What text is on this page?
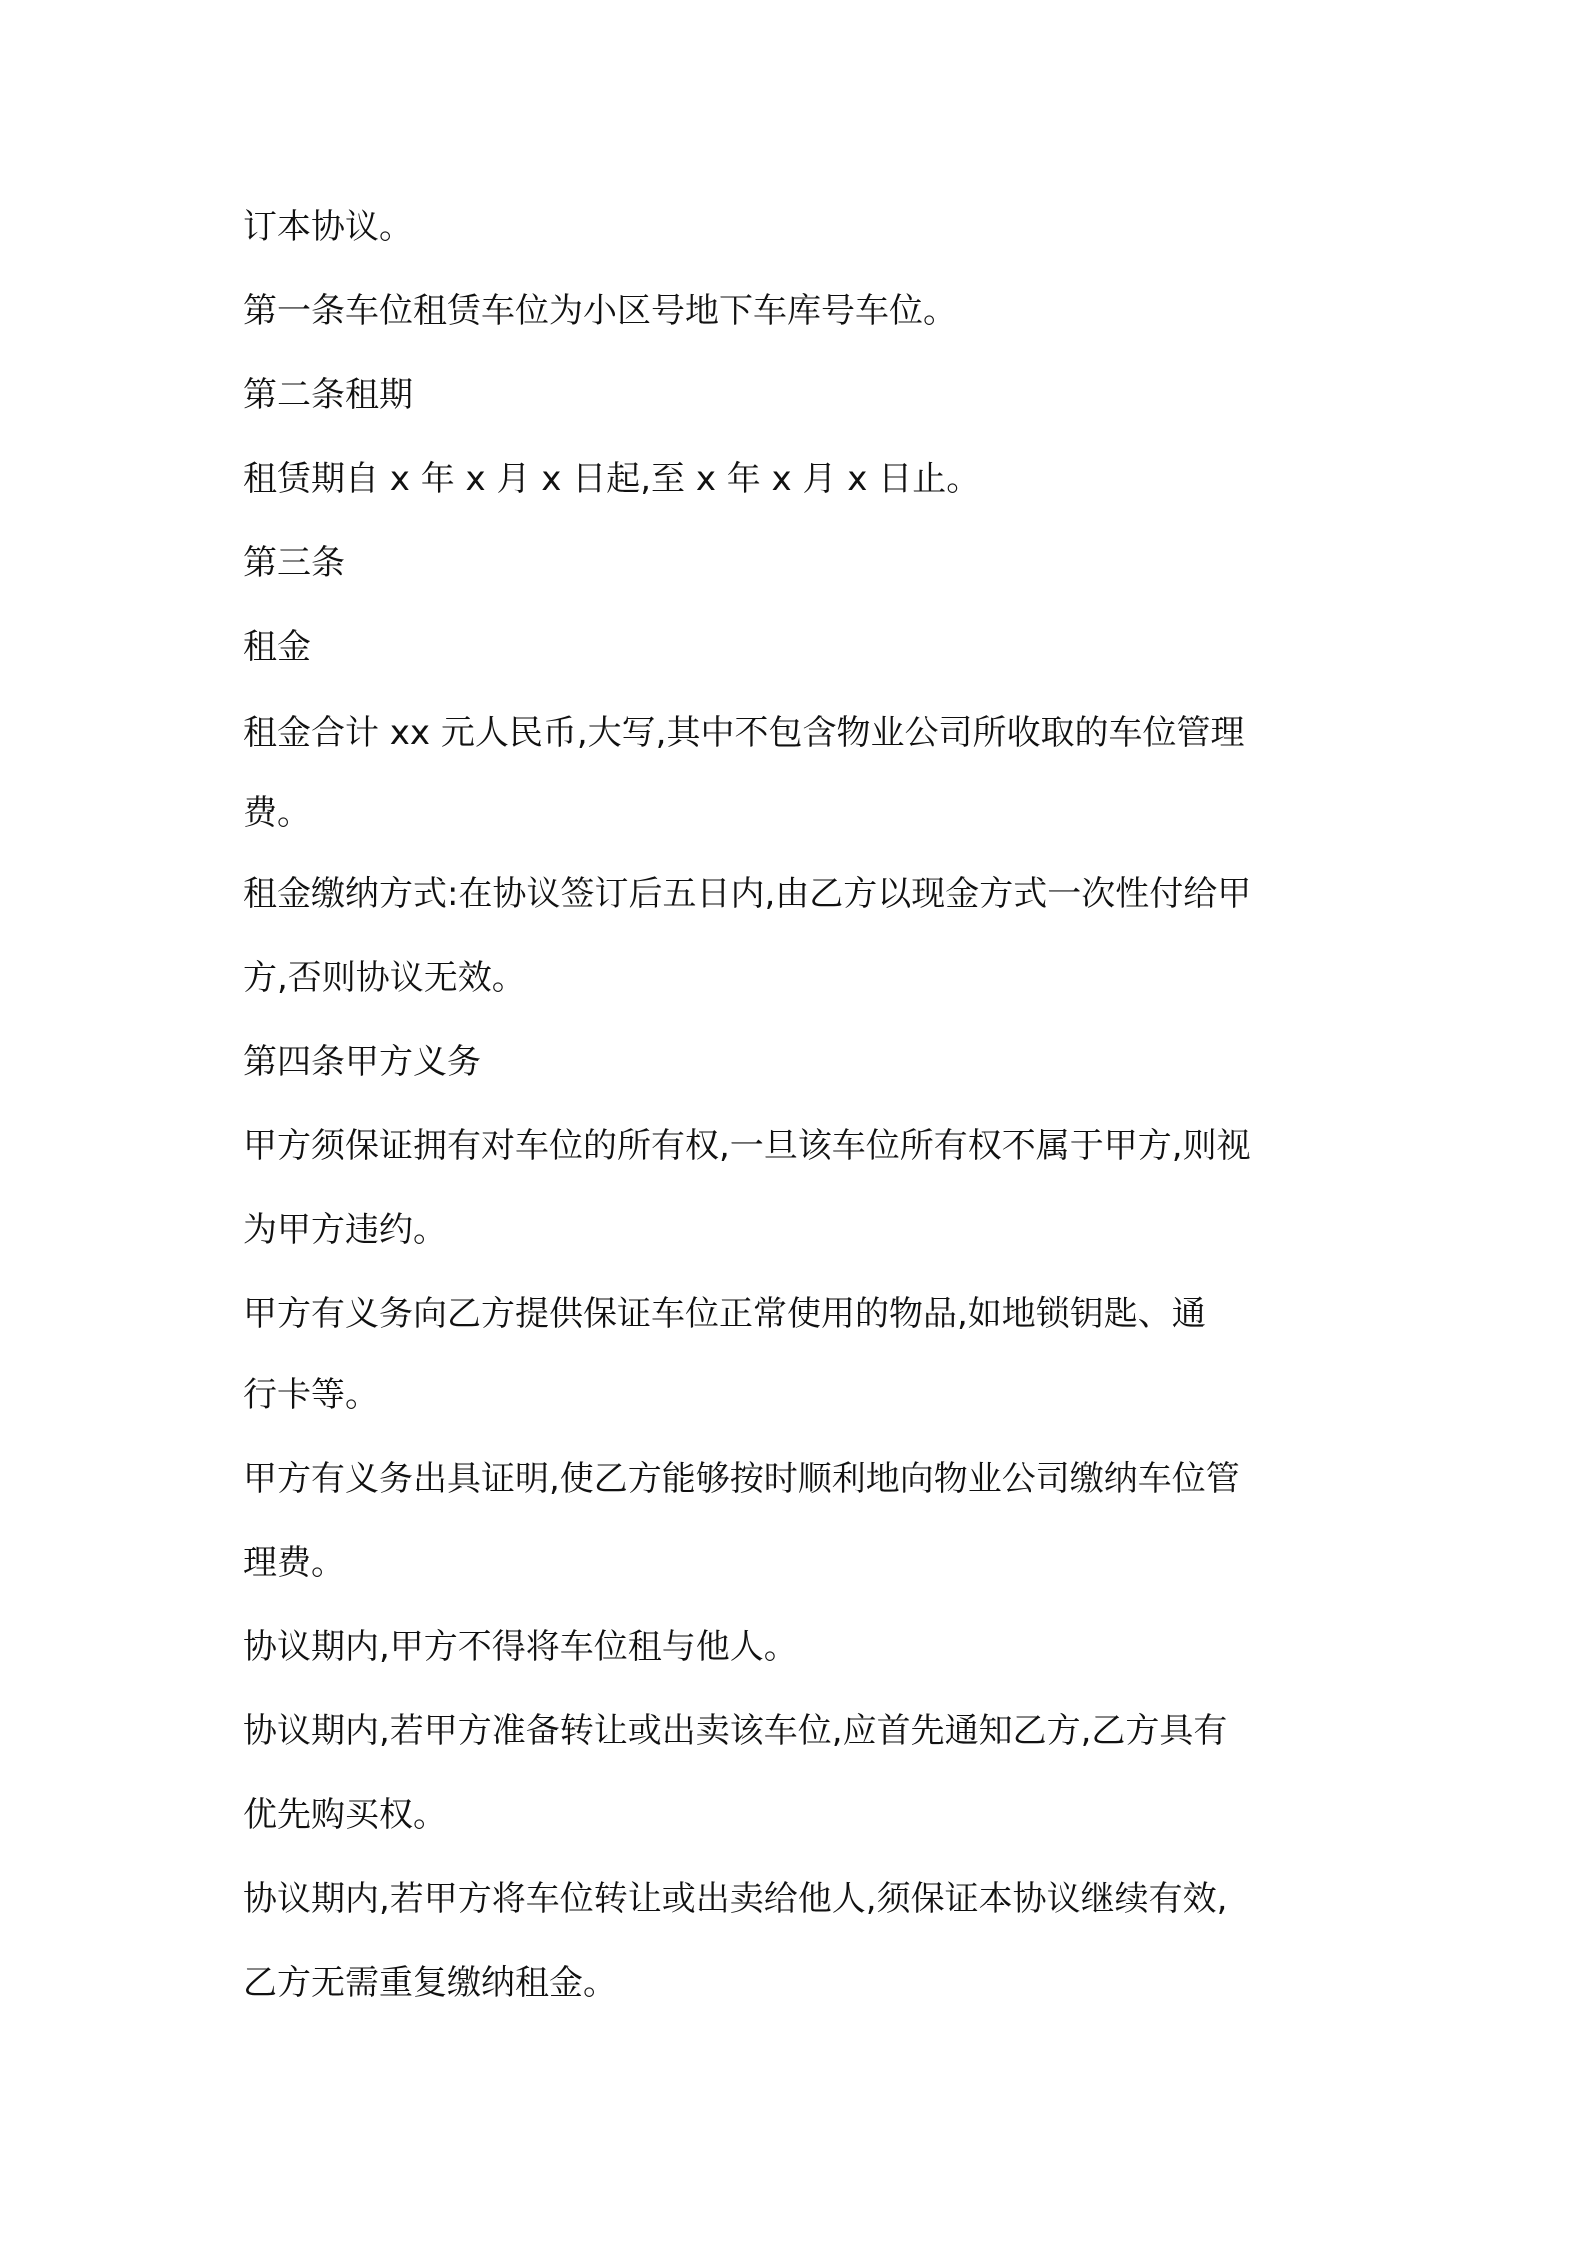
订本协议。

第一条车位租赁车位为小区号地下车库号车位。

第二条租期

租赁期自 x 年 x 月 x 日起,至 x 年 x 月 x 日止。

第三条

租金

租金合计 xx 元人民币,大写,其中不包含物业公司所收取的车位管理

费。

租金缴纳方式:在协议签订后五日内,由乙方以现金方式一次性付给甲

方,否则协议无效。

第四条甲方义务

甲方须保证拥有对车位的所有权,一旦该车位所有权不属于甲方,则视

为甲方违约。

甲方有义务向乙方提供保证车位正常使用的物品,如地锁钥匙、通

行卡等。

甲方有义务出具证明,使乙方能够按时顺利地向物业公司缴纳车位管

理费。

协议期内,甲方不得将车位租与他人。

协议期内,若甲方准备转让或出卖该车位,应首先通知乙方,乙方具有

优先购买权。

协议期内,若甲方将车位转让或出卖给他人,须保证本协议继续有效,

乙方无需重复缴纳租金。
